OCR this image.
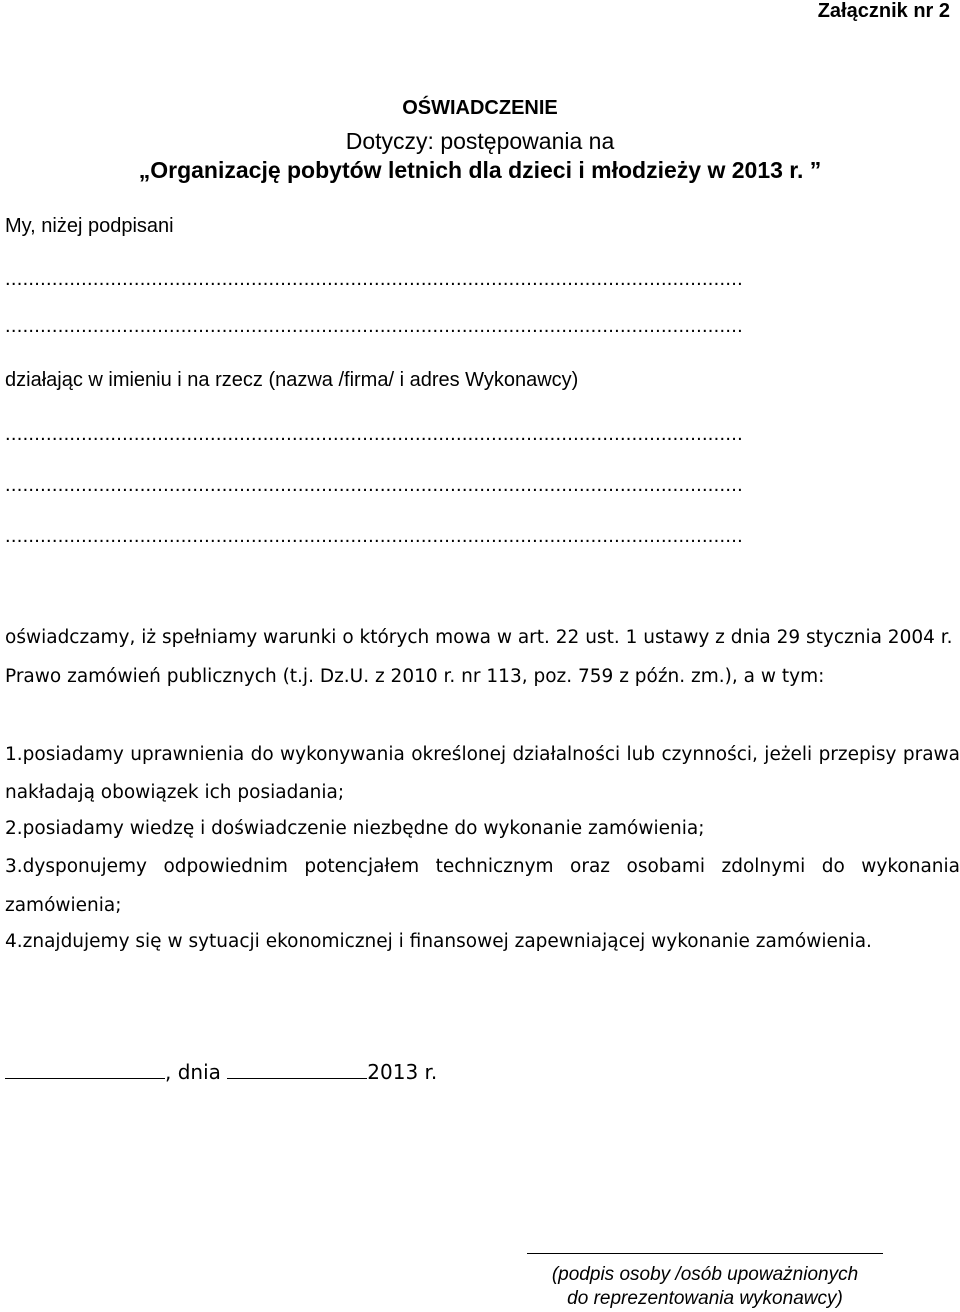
Załącznik nr 2
OŚWIADCZENIE
Dotyczy: postępowania na
„Organizację pobytów letnich dla dzieci i młodzieży w 2013 r. ”
My, niżej podpisani
..............................................................................................................................
..............................................................................................................................
działając w imieniu i na rzecz (nazwa /firma/ i adres Wykonawcy)
..............................................................................................................................
..............................................................................................................................
..............................................................................................................................
oświadczamy, iż spełniamy warunki o których mowa w art. 22 ust. 1 ustawy z dnia 29 stycznia 2004 r.
Prawo zamówień publicznych (t.j. Dz.U. z 2010 r. nr 113, poz. 759 z późn. zm.), a w tym:
1.posiadamy uprawnienia do wykonywania określonej działalności lub czynności, jeżeli przepisy prawa
nakładają obowiązek ich posiadania;
2.posiadamy wiedzę i doświadczenie niezbędne do wykonanie zamówienia;
3.dysponujemy odpowiednim potencjałem technicznym oraz osobami zdolnymi do wykonania
zamówienia;
4.znajdujemy się w sytuacji ekonomicznej i finansowej zapewniającej wykonanie zamówienia.
, dnia	2013 r.
(podpis osoby /osób upoważnionych
do reprezentowania wykonawcy)
